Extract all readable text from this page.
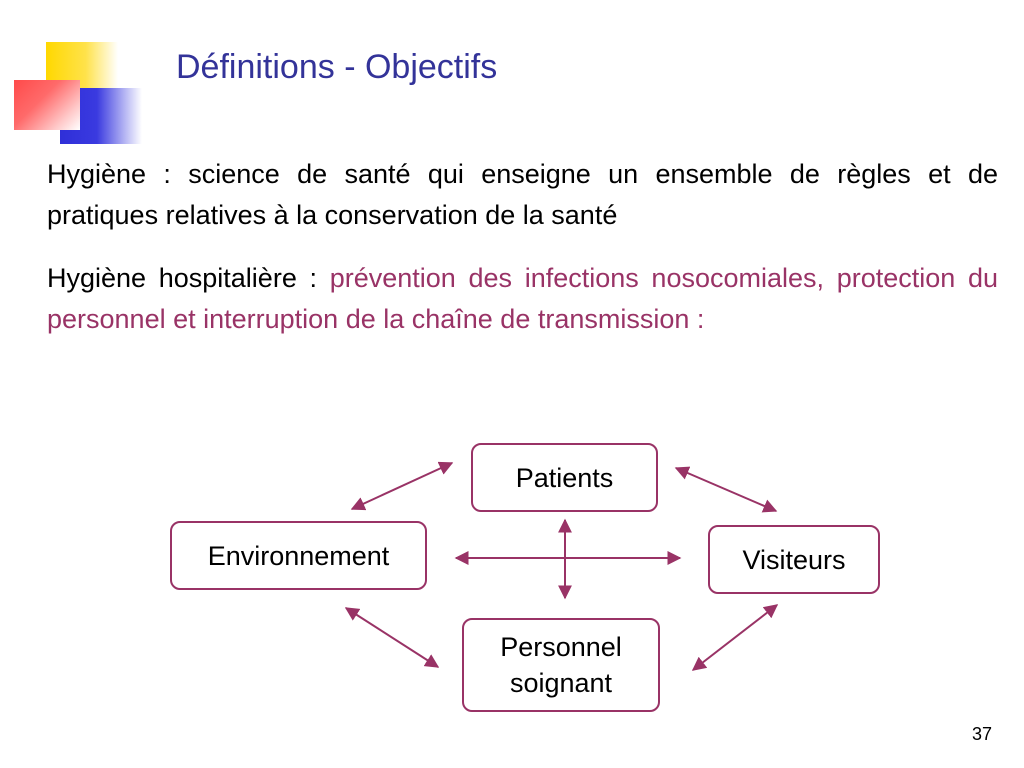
Définitions - Objectifs

Hygiène : science de santé qui enseigne un ensemble de règles et de pratiques relatives à la conservation de la santé

Hygiène hospitalière : prévention des infections nosocomiales, protection du personnel et interruption de la chaîne de transmission :

Patients
Environnement	Visiteurs
Personnel soignant
37
